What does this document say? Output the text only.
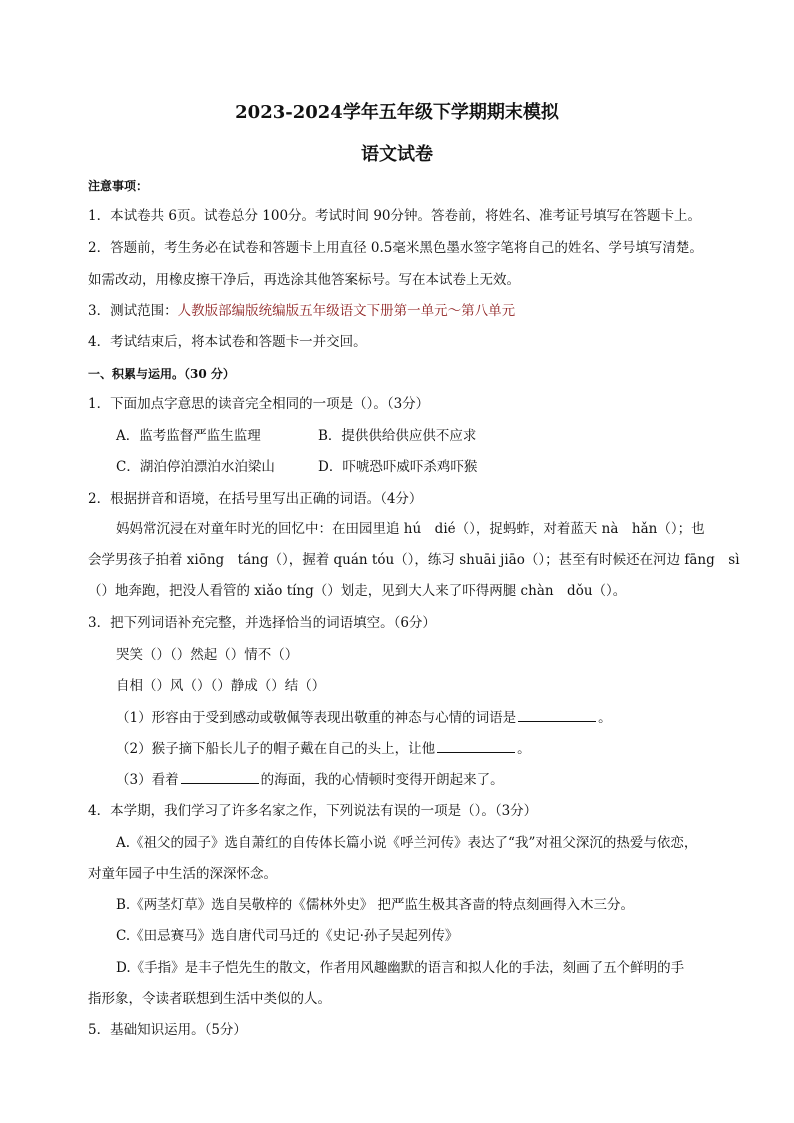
2023-2024学年五年级下学期期末模拟
语文试卷
注意事项：
1．本试卷共 6页。试卷总分 100分。考试时间 90分钟。答卷前，将姓名、准考证号填写在答题卡上。
2．答题前，考生务必在试卷和答题卡上用直径 0.5毫米黑色墨水签字笔将自己的姓名、学号填写清楚。
如需改动，用橡皮擦干净后，再选涂其他答案标号。写在本试卷上无效。
3．测试范围：人教版部编版统编版五年级语文下册第一单元～第八单元
4．考试结束后，将本试卷和答题卡一并交回。
一、积累与运用。（30 分）
1．下面加点字意思的读音完全相同的一项是（）。（3分）
A．监考监督严监生监理	B．提供供给供应供不应求
C．湖泊停泊漂泊水泊梁山	D．吓唬恐吓威吓杀鸡吓猴
2．根据拼音和语境，在括号里写出正确的词语。（4分）
妈妈常沉浸在对童年时光的回忆中：在田园里追 hú　dié（），捉蚂蚱，对着蓝天 nà　hǎn（）；也
会学男孩子拍着 xiōng　táng（），握着 quán tóu（），练习 shuāi jiāo（）；甚至有时候还在河边 fāng　sì
（）地奔跑，把没人看管的 xiǎo tíng（）划走，见到大人来了吓得两腿 chàn　dǒu（）。
3．把下列词语补充完整，并选择恰当的词语填空。（6分）
哭笑（）（）然起（）情不（）
自相（）风（）（）静成（）结（）
（1）形容由于受到感动或敬佩等表现出敬重的神态与心情的词语是	。
（2）猴子摘下船长儿子的帽子戴在自己的头上，让他	。
（3）看着	的海面，我的心情顿时变得开朗起来了。
4．本学期，我们学习了许多名家之作，下列说法有误的一项是（）。（3分）
A.《祖父的园子》选自萧红的自传体长篇小说《呼兰河传》表达了“我”对祖父深沉的热爱与依恋，
对童年园子中生活的深深怀念。
B.《两茎灯草》选自吴敬梓的《儒林外史》 把严监生极其吝啬的特点刻画得入木三分。
C.《田忌赛马》选自唐代司马迁的《史记·孙子吴起列传》
D.《手指》是丰子恺先生的散文，作者用风趣幽默的语言和拟人化的手法，刻画了五个鲜明的手
指形象，令读者联想到生活中类似的人。
5．基础知识运用。（5分）
